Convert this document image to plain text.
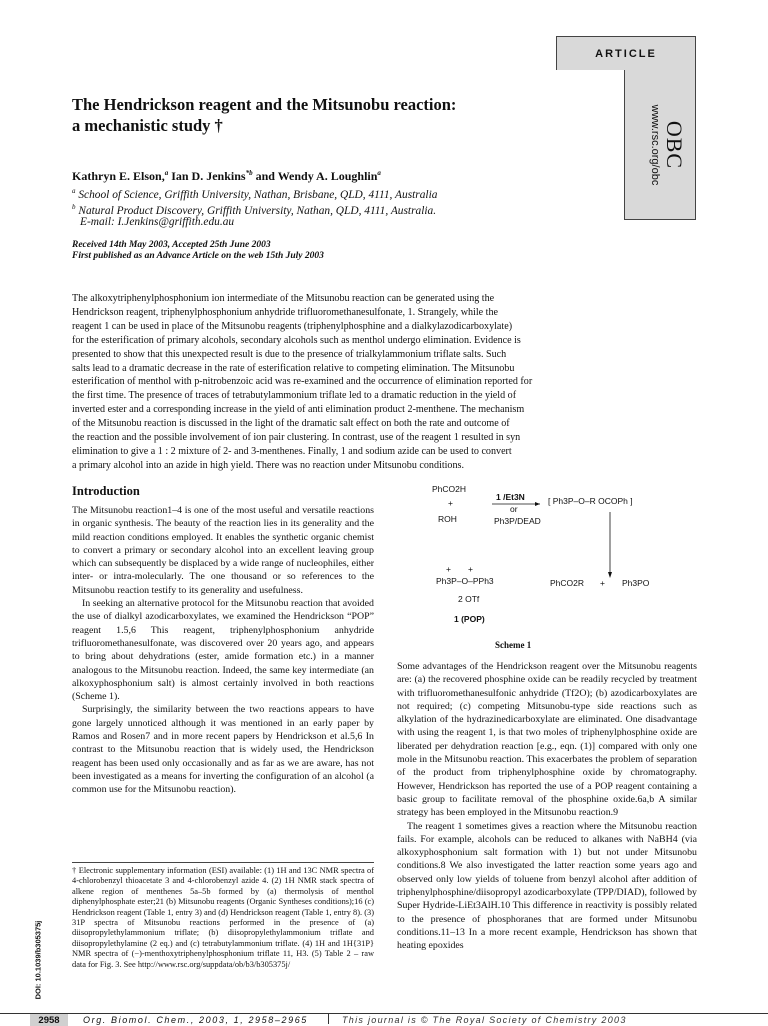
ARTICLE
OBC
www.rsc.org/obc
The Hendrickson reagent and the Mitsunobu reaction:
a mechanistic study †
Kathryn E. Elson,$^a$ Ian D. Jenkins$^{*b}$ and Wendy A. Loughlin$^a$
$^a$ School of Science, Griffith University, Nathan, Brisbane, QLD, 4111, Australia
$^b$ Natural Product Discovery, Griffith University, Nathan, QLD, 4111, Australia.
E-mail: I.Jenkins@griffith.edu.au
Received 14th May 2003, Accepted 25th June 2003
First published as an Advance Article on the web 15th July 2003

The alkoxytriphenylphosphonium ion intermediate of the Mitsunobu reaction can be generated using the

Hendrickson reagent, triphenylphosphonium anhydride trifluoromethanesulfonate, 1. Strangely, while the

reagent 1 can be used in place of the Mitsunobu reagents (triphenylphosphine and a dialkylazodicarboxylate)

for the esterification of primary alcohols, secondary alcohols such as menthol undergo elimination. Evidence is

presented to show that this unexpected result is due to the presence of trialkylammonium triflate salts. Such

salts lead to a dramatic decrease in the rate of esterification relative to competing elimination. The Mitsunobu

esterification of menthol with p-nitrobenzoic acid was re-examined and the occurrence of elimination reported for

the first time. The presence of traces of tetrabutylammonium triflate led to a dramatic reduction in the yield of

inverted ester and a corresponding increase in the yield of anti elimination product 2-menthene. The mechanism

of the Mitsunobu reaction is discussed in the light of the dramatic salt effect on both the rate and outcome of

the reaction and the possible involvement of ion pair clustering. In contrast, use of the reagent 1 resulted in syn

elimination to give a 1 : 2 mixture of 2- and 3-menthenes. Finally, 1 and sodium azide can be used to convert

a primary alcohol into an azide in high yield. There was no reaction under Mitsunobu conditions.

Introduction

The Mitsunobu reaction1–4 is one of the most useful and versatile reactions in organic synthesis. The beauty of the reaction lies in its generality and the mild reaction conditions employed. It enables the synthetic organic chemist to convert a primary or secondary alcohol into an excellent leaving group which can subsequently be displaced by a wide range of nucleophiles, either inter- or intra-molecularly. The one thousand or so references to the Mitsunobu reaction testify to its generality and usefulness.

In seeking an alternative protocol for the Mitsunobu reaction that avoided the use of dialkyl azodicarboxylates, we examined the Hendrickson “POP” reagent 1.5,6 This reagent, triphenylphosphonium anhydride trifluoromethanesulfonate, was discovered over 20 years ago, and appears to bring about dehydrations (ester, amide formation etc.) in a manner analogous to the Mitsunobu reaction. Indeed, the same key intermediate (an alkoxyphosphonium salt) is almost certainly involved in both reactions (Scheme 1).

Surprisingly, the similarity between the two reactions appears to have gone largely unnoticed although it was mentioned in an early paper by Ramos and Rosen7 and in more recent papers by Hendrickson et al.5,6 In contrast to the Mitsunobu reaction that is widely used, the Hendrickson reagent has been used only occasionally and as far as we are aware, has not been investigated as a means for inverting the configuration of an alcohol (a common use for the Mitsunobu reaction).

Some advantages of the Hendrickson reagent over the Mitsunobu reagents are: (a) the recovered phosphine oxide can be readily recycled by treatment with trifluoromethanesulfonic anhydride (Tf2O); (b) azodicarboxylates are not required; (c) competing Mitsunobu-type side reactions such as alkylation of the hydrazinedicarboxylate are eliminated. One disadvantage with using the reagent 1, is that two moles of triphenylphosphine oxide are liberated per dehydration reaction [e.g., eqn. (1)] compared with only one mole in the Mitsunobu reaction. This exacerbates the problem of separation of the product from triphenylphosphine oxide by chromatography. However, Hendrickson has reported the use of a POP reagent containing a basic group to facilitate removal of the phosphine oxide.6a,b A similar strategy has been employed in the Mitsunobu reaction.9

The reagent 1 sometimes gives a reaction where the Mitsunobu reaction fails. For example, alcohols can be reduced to alkanes with NaBH4 (via alkoxyphosphonium salt formation with 1) but not under Mitsunobu conditions.8 We also investigated the latter reaction some years ago and observed only low yields of toluene from benzyl alcohol after addition of triphenylphosphine/diisopropyl azodicarboxylate (TPP/DIAD), followed by Super Hydride-LiEt3AlH.10 This difference in reactivity is possibly related to the presence of phosphoranes that are formed under Mitsunobu conditions.11–13 In a more recent example, Hendrickson has shown that heating epoxides

PhCO2H
+
ROH
1 /Et3N
or
Ph3P/DEAD
[ Ph3P–O–R OCOPh ]
+ +
Ph3P–O–PPh3
2 OTf
1 (POP)
PhCO2R + Ph3PO
Scheme 1

† Electronic supplementary information (ESI) available: (1) 1H and 13C NMR spectra of 4-chlorobenzyl thioacetate 3 and 4-chlorobenzyl azide 4. (2) 1H NMR stack spectra of alkene region of menthenes 5a–5b formed by (a) thermolysis of menthol diphenylphosphate ester;21 (b) Mitsunobu reagents (Organic Syntheses conditions);16 (c) Hendrickson reagent (Table 1, entry 3) and (d) Hendrickson reagent (Table 1, entry 8). (3) 31P spectra of Mitsunobu reactions performed in the presence of (a) diisopropylethylammonium triflate; (b) diisopropylethylammonium triflate and diisopropylethylamine (2 eq.) and (c) tetrabutylammonium triflate. (4) 1H and 1H{31P} NMR spectra of (−)-menthoxytriphenylphosphonium triflate 11, H3. (5) Table 2 – raw data for Fig. 3. See http://www.rsc.org/suppdata/ob/b3/b305375j/

DOI: 10.1039/b305375j
2958	Org. Biomol. Chem., 2003, 1, 2958–2965	This journal is © The Royal Society of Chemistry 2003
